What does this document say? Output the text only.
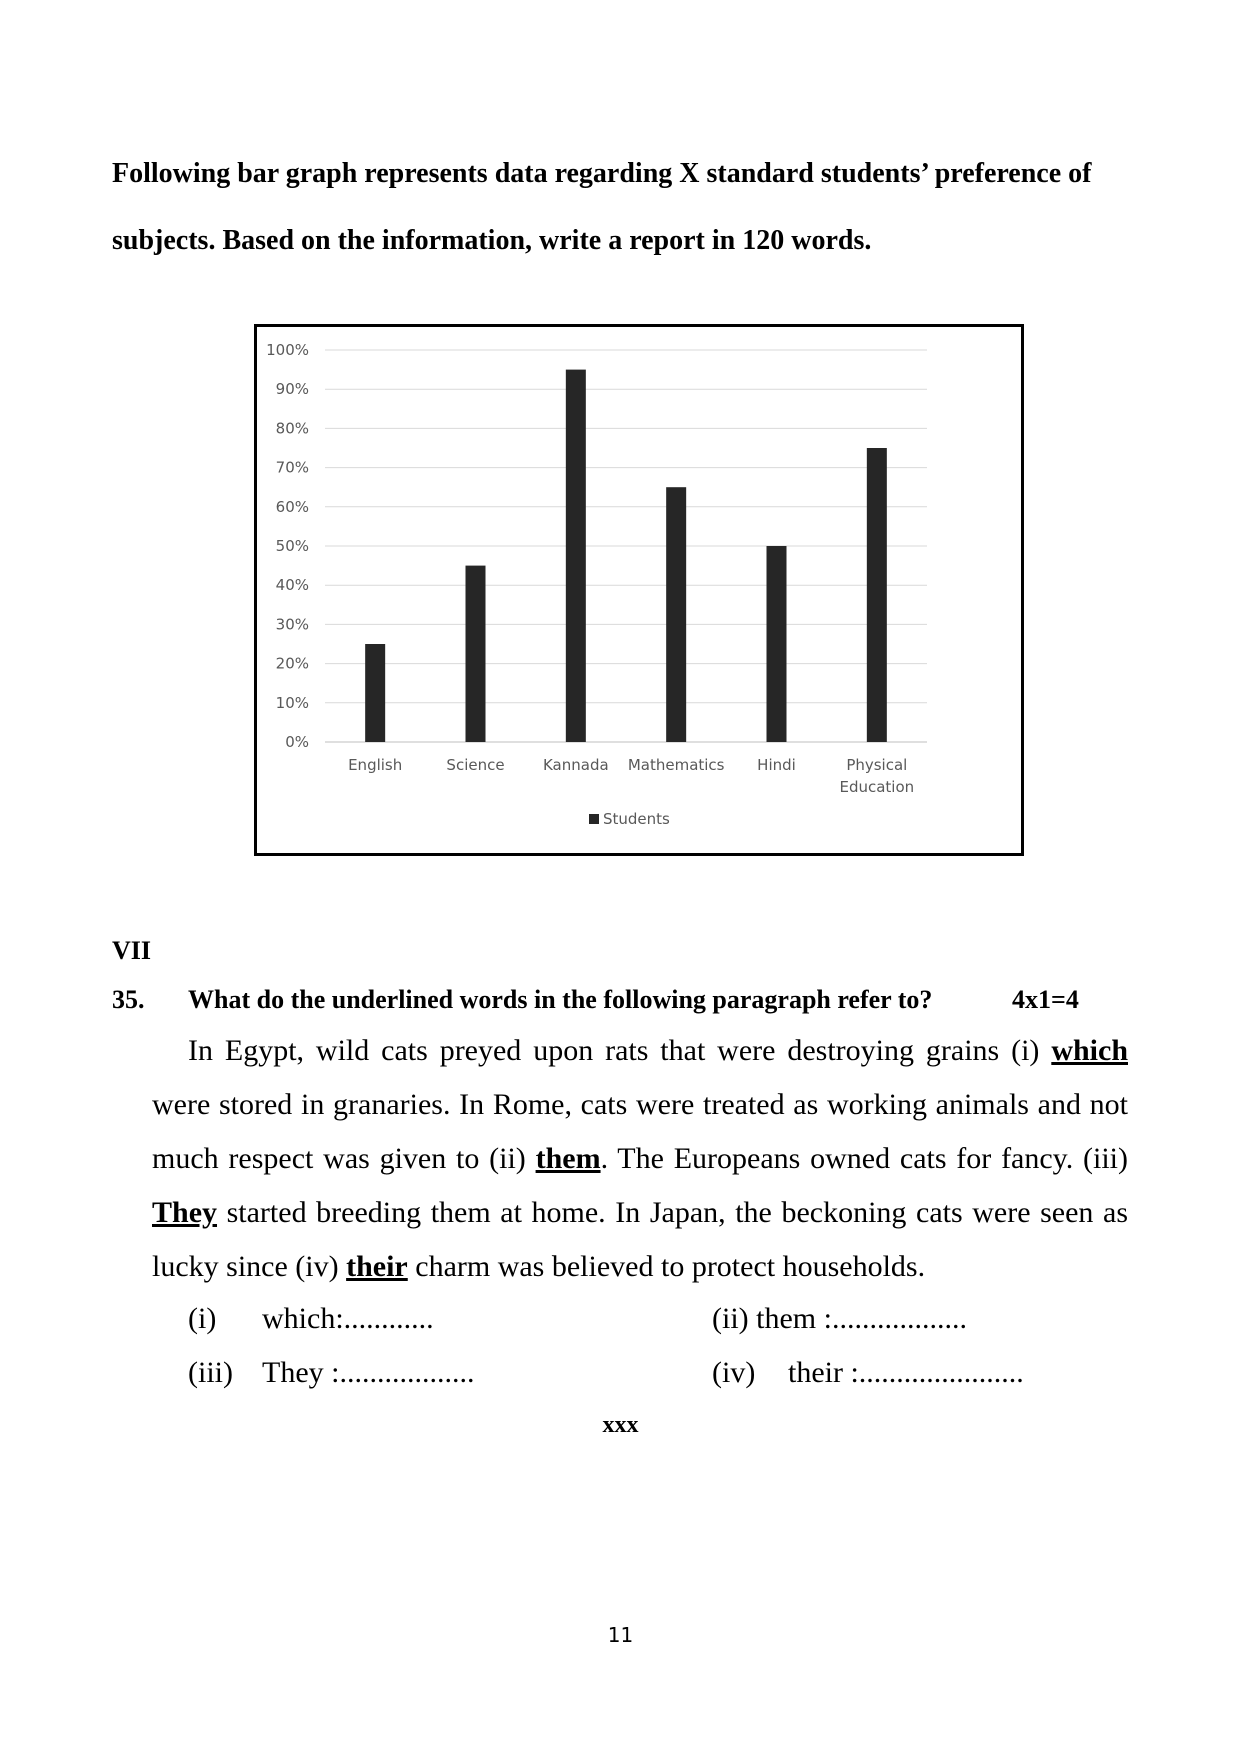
Following bar graph represents data regarding X standard students’ preference of subjects. Based on the information, write a report in 120 words.
0%
10%
20%
30%
40%
50%
60%
70%
80%
90%
100%
English	Science	Kannada Mathematics Hindi	Physical
Education
Students
VII
35. What do the underlined words in the following paragraph refer to?	4x1=4
In Egypt, wild cats preyed upon rats that were destroying grains (i) which were stored in granaries. In Rome, cats were treated as working animals and not much respect was given to (ii) them. The Europeans owned cats for fancy. (iii) They started breeding them at home. In Japan, the beckoning cats were seen as lucky since (iv) their charm was believed to protect households.
(i) which:............	(ii) them :..................
(iii) They :..................	(iv) their :......................
xxx
11
